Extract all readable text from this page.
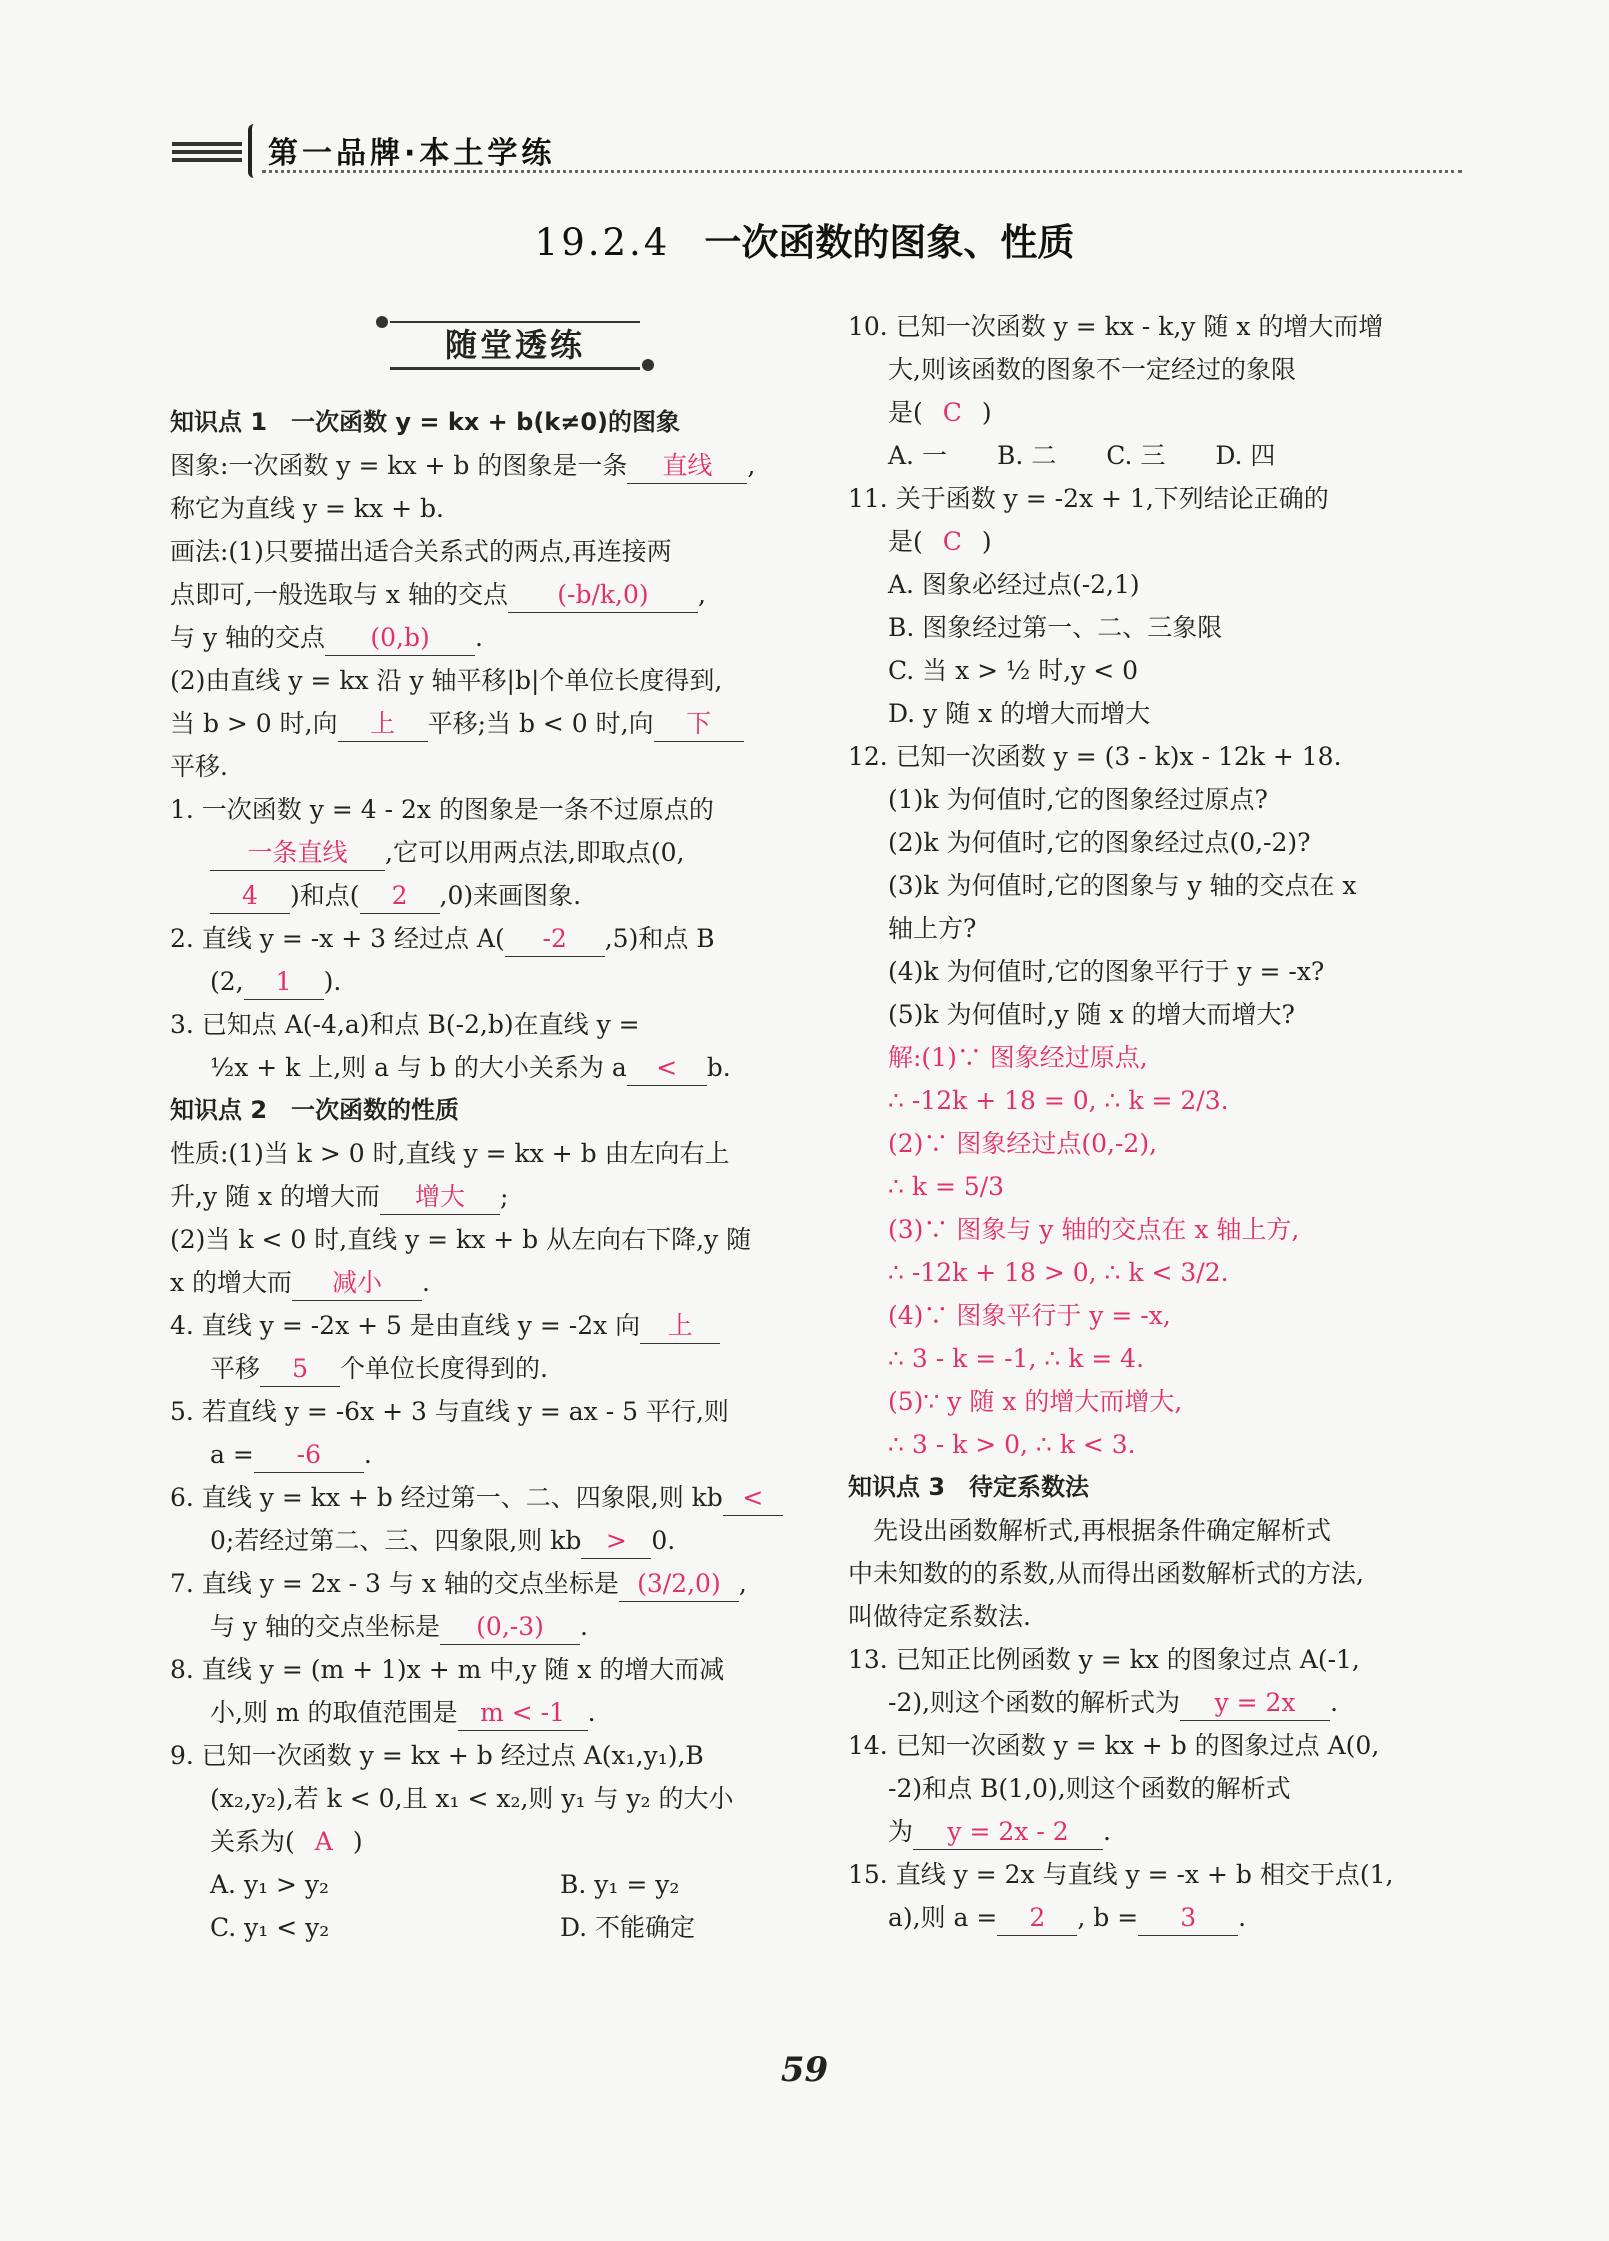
第一品牌·本土学练
19.2.4 一次函数的图象、性质
随堂透练
知识点 1　一次函数 y = kx + b(k≠0)的图象
图象:一次函数 y = kx + b 的图象是一条 直线 ,
称它为直线 y = kx + b.
画法:(1)只要描出适合关系式的两点,再连接两
点即可,一般选取与 x 轴的交点 (-b/k,0) ,
与 y 轴的交点 (0,b) .
(2)由直线 y = kx 沿 y 轴平移|b|个单位长度得到,
当 b > 0 时,向 上 平移;当 b < 0 时,向 下
平移.
1. 一次函数 y = 4 - 2x 的图象是一条不过原点的
一条直线 ,它可以用两点法,即取点(0,
4 )和点( 2 ,0)来画图象.
2. 直线 y = -x + 3 经过点 A( -2 ,5)和点 B
(2, 1 ).
3. 已知点 A(-4,a)和点 B(-2,b)在直线 y =
½x + k 上,则 a 与 b 的大小关系为 a < b.
知识点 2　一次函数的性质
性质:(1)当 k > 0 时,直线 y = kx + b 由左向右上
升,y 随 x 的增大而 增大 ;
(2)当 k < 0 时,直线 y = kx + b 从左向右下降,y 随
x 的增大而 减小 .
4. 直线 y = -2x + 5 是由直线 y = -2x 向 上
平移 5 个单位长度得到的.
5. 若直线 y = -6x + 3 与直线 y = ax - 5 平行,则
a = -6 .
6. 直线 y = kx + b 经过第一、二、四象限,则 kb <
0;若经过第二、三、四象限,则 kb > 0.
7. 直线 y = 2x - 3 与 x 轴的交点坐标是 (3/2,0) ,
与 y 轴的交点坐标是 (0,-3) .
8. 直线 y = (m + 1)x + m 中,y 随 x 的增大而减
小,则 m 的取值范围是 m < -1 .
9. 已知一次函数 y = kx + b 经过点 A(x₁,y₁),B
(x₂,y₂),若 k < 0,且 x₁ < x₂,则 y₁ 与 y₂ 的大小
关系为( A )
A. y₁ > y₂	B. y₁ = y₂
C. y₁ < y₂	D. 不能确定
10. 已知一次函数 y = kx - k,y 随 x 的增大而增
大,则该函数的图象不一定经过的象限
是( C )
A. 一　　B. 二　　C. 三　　D. 四
11. 关于函数 y = -2x + 1,下列结论正确的
是( C )
A. 图象必经过点(-2,1)
B. 图象经过第一、二、三象限
C. 当 x > ½ 时,y < 0
D. y 随 x 的增大而增大
12. 已知一次函数 y = (3 - k)x - 12k + 18.
(1)k 为何值时,它的图象经过原点?
(2)k 为何值时,它的图象经过点(0,-2)?
(3)k 为何值时,它的图象与 y 轴的交点在 x
轴上方?
(4)k 为何值时,它的图象平行于 y = -x?
(5)k 为何值时,y 随 x 的增大而增大?
解:(1)∵ 图象经过原点,
∴ -12k + 18 = 0, ∴ k = 2/3.
(2)∵ 图象经过点(0,-2),
∴ k = 5/3
(3)∵ 图象与 y 轴的交点在 x 轴上方,
∴ -12k + 18 > 0, ∴ k < 3/2.
(4)∵ 图象平行于 y = -x,
∴ 3 - k = -1, ∴ k = 4.
(5)∵ y 随 x 的增大而增大,
∴ 3 - k > 0, ∴ k < 3.
知识点 3　待定系数法
　先设出函数解析式,再根据条件确定解析式
中未知数的的系数,从而得出函数解析式的方法,
叫做待定系数法.
13. 已知正比例函数 y = kx 的图象过点 A(-1,
-2),则这个函数的解析式为 y = 2x .
14. 已知一次函数 y = kx + b 的图象过点 A(0,
-2)和点 B(1,0),则这个函数的解析式
为 y = 2x - 2 .
15. 直线 y = 2x 与直线 y = -x + b 相交于点(1,
a),则 a = 2 , b = 3 .
59
